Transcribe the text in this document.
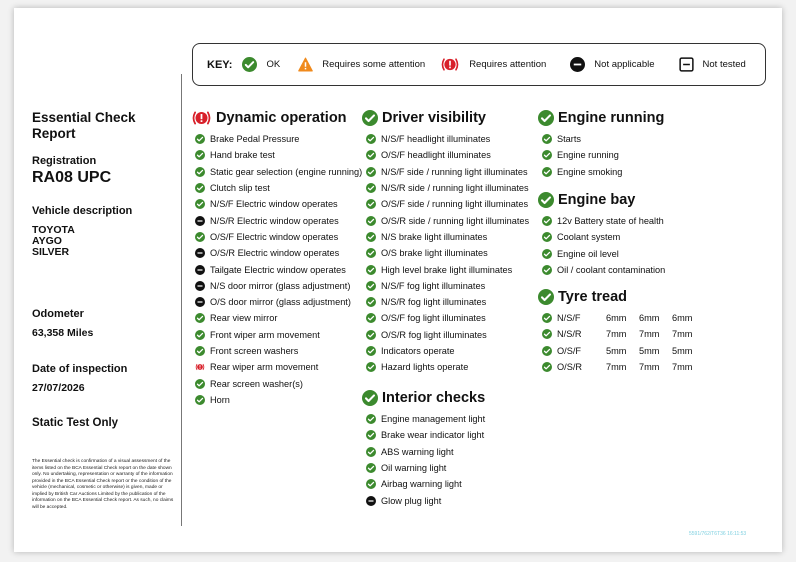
KEY:	OK	Requires some attention	Requires attention	Not applicable	Not tested
Essential Check Report
Registration
RA08 UPC
Vehicle description
TOYOTA
AYGO
SILVER
Odometer
63,358 Miles
Date of inspection
27/07/2026
Static Test Only
The Essential check is confirmation of a visual assessment of the items listed on the BCA Essential Check report on the date shown only. No undertaking, representation or warranty of the information provided in the BCA Essential Check report or the condition of the vehicle (mechanical, cosmetic or otherwise) is given, made or implied by British Car Auctions Limited by the publication of the information on the BCA Essential Check report. As such, no claims will be accepted.
5591/762/T6T36 16:11:53
Dynamic operation
Brake Pedal Pressure
Hand brake test
Static gear selection (engine running)
Clutch slip test
N/S/F Electric window operates
N/S/R Electric window operates
O/S/F Electric window operates
O/S/R Electric window operates
Tailgate Electric window operates
N/S door mirror (glass adjustment)
O/S door mirror (glass adjustment)
Rear view mirror
Front wiper arm movement
Front screen washers
Rear wiper arm movement
Rear screen washer(s)
Horn
Driver visibility
N/S/F headlight illuminates
O/S/F headlight illuminates
N/S/F side / running light illuminates
N/S/R side / running light illuminates
O/S/F side / running light illuminates
O/S/R side / running light illuminates
N/S brake light illuminates
O/S brake light illuminates
High level brake light illuminates
N/S/F fog light illuminates
N/S/R fog light illuminates
O/S/F fog light illuminates
O/S/R fog light illuminates
Indicators operate
Hazard lights operate
Interior checks
Engine management light
Brake wear indicator light
ABS warning light
Oil warning light
Airbag warning light
Glow plug light
Engine running
Starts
Engine running
Engine smoking
Engine bay
12v Battery state of health
Coolant system
Engine oil level
Oil / coolant contamination
Tyre tread
N/S/F	6mm	6mm	6mm
N/S/R	7mm	7mm	7mm
O/S/F	5mm	5mm	5mm
O/S/R	7mm	7mm	7mm
